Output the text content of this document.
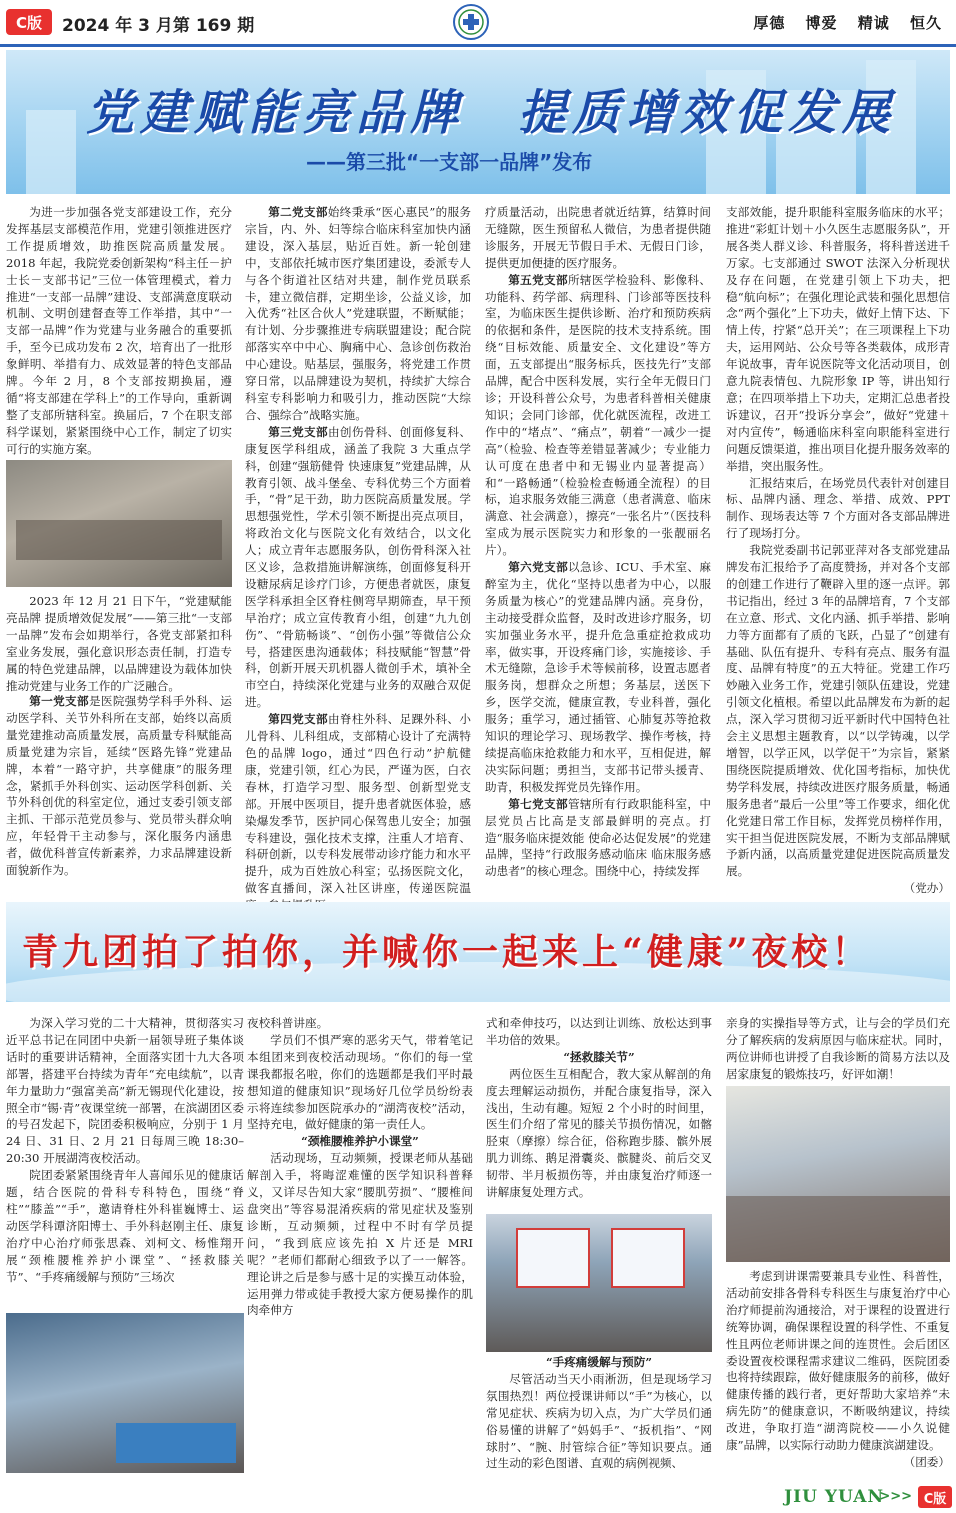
C版	2024 年 3 月第 169 期	厚德 博爱 精诚 恒久
党建赋能亮品牌　提质增效促发展
——第三批“一支部一品牌”发布

为进一步加强各党支部建设工作，充分发挥基层支部模范作用，党建引领推进医疗工作提质增效，助推医院高质量发展。2018 年起，我院党委创新架构“科主任－护士长－支部书记”三位一体管理模式，着力推进“一支部一品牌”建设、支部满意度联动机制、文明创建督查等工作举措，其中“一支部一品牌”作为党建与业务融合的重要抓手，至今已成功发布 2 次，培育出了一批形象鲜明、举措有力、成效显著的特色支部品牌。今年 2 月，8 个支部按期换届，遵循“将支部建在学科上”的工作导向，重新调整了支部所辖科室。换届后，7 个在职支部科学谋划，紧紧围绕中心工作，制定了切实可行的实施方案。

2023 年 12 月 21 日下午，“党建赋能亮品牌 提质增效促发展”——第三批“一支部一品牌”发布会如期举行，各党支部紧扣科室业务发展，强化意识形态责任制，打造专属的特色党建品牌，以品牌建设为载体加快推动党建与业务工作的广泛融合。

第一党支部是医院强势学科手外科、运动医学科、关节外科所在支部，始终以高质量党建推动高质量发展，高质量专科赋能高质量党建为宗旨，延续“医路先锋”党建品牌，本着“一路守护，共享健康”的服务理念，紧抓手外科创实、运动医学科创新、关节外科创优的科室定位，通过支委引领支部主抓、干部示范党员参与、党员带头群众响应，年轻骨干主动参与，深化服务内涵患者，做优科普宣传新素养，力求品牌建设新面貌新作为。

第二党支部始终秉承“医心惠民”的服务宗旨，内、外、妇等综合临床科室加快内涵建设，深入基层，贴近百姓。新一轮创建中，支部依托城市医疗集团建设，委派专人与各个街道社区结对共建，制作党员联系卡，建立微信群，定期坐诊，公益义诊，加入优秀“社区合伙人”党建联盟，不断赋能；有计划、分步骤推进专病联盟建设；配合院部落实卒中中心、胸痛中心、急诊创伤救治中心建设。贴基层，强服务，将党建工作贯穿日常，以品牌建设为契机，持续扩大综合科室专科影响力和吸引力，推动医院“大综合、强综合”战略实施。

第三党支部由创伤骨科、创面修复科、康复医学科组成，涵盖了我院 3 大重点学科，创建“强筋健骨 快速康复”党建品牌，从教育引领、战斗堡垒、专科优势三个方面着手，“骨”足干劲，助力医院高质量发展。学思想强党性，学术引领不断提出亮点项目，将政治文化与医院文化有效结合，以文化人；成立青年志愿服务队，创伤骨科深入社区义诊，急救措施讲解演练，创面修复科开设糖尿病足诊疗门诊，方便患者就医，康复医学科承担全区脊柱侧弯早期筛查，早干预早治疗；成立宣传教育小组，创建“九九创伤”、“骨筋畅谈”、“创伤小强”等微信公众号，搭建医患沟通载体；科技赋能“智慧”骨科，创新开展天玑机器人微创手术，填补全市空白，持续深化党建与业务的双融合双促进。

第四党支部由脊柱外科、足踝外科、小儿骨科、儿科组成，支部精心设计了充满特色的品牌 logo，通过“四色行动”护航健康，党建引领，红心为民，严谨为医，白衣春林，打造学习型、服务型、创新型党支部。开展中医项目，提升患者就医体验，感染爆发季节，医护同心保驾患儿安全；加强专科建设，强化技术支撑，注重人才培育、科研创新，以专科发展带动诊疗能力和水平提升，成为百姓放心科室；弘扬医院文化，做客直播间，深入社区讲座，传递医院温

疗质量活动，出院患者就近结算，结算时间无缝隙，医生预留私人微信，为患者提供随诊服务，开展无节假日手术、无假日门诊，提供更加便捷的医疗服务。

第五党支部所辖医学检验科、影像科、功能科、药学部、病理科、门诊部等医技科室，为临床医生提供诊断、治疗和预防疾病的依据和条件，是医院的技术支持系统。围绕“目标效能、质量安全、文化建设”等方面，五支部提出“服务标兵，医技先行”支部品牌，配合中医科发展，实行全年无假日门诊；开设科普公众号，为患者科普相关健康知识；会同门诊部，优化就医流程，改进工作中的“堵点”、“痛点”，朝着“一减少一提高”（检验、检查等差错显著减少；专业能力认可度在患者中和无锡业内显著提高）和“一路畅通”（检验检查畅通全流程）的目标，追求服务效能三满意（患者满意、临床满意、社会满意），擦亮“一张名片”（医技科室成为展示医院实力和形象的一张靓丽名片）。

第六党支部以急诊、ICU、手术室、麻醉室为主，优化“坚持以患者为中心，以服务质量为核心”的党建品牌内涵。亮身份，主动接受群众监督，及时改进诊疗服务，切实加强业务水平，提升危急重症抢救成功率，做实事，开设疼痛门诊，实施接诊、手术无缝隙，急诊手术等候前移，设置志愿者服务岗，想群众之所想；务基层，送医下乡，医学交流，健康宣教，专业科普，强化服务；重学习，通过插管、心肺复苏等抢救知识的理论学习、现场教学、操作考核，持续提高临床抢救能力和水平，互相促进，解决实际问题；勇担当，支部书记带头援青、助青，积极发挥党员先锋作用。

第七党支部管辖所有行政职能科室，中层党员占比高是支部最鲜明的亮点。打造“服务临床提效能 使命必达促发展”的党建品牌，坚持“行政服务感动临床 临床服务感动患者”的核心理念。围绕中心，持续发挥

支部效能，提升职能科室服务临床的水平；推进“彩虹计划＋小久医生志愿服务队”，开展各类人群义诊、科普服务，将科普送进千万家。七支部通过 SWOT 法深入分析现状及存在问题，在党建引领上下功夫，把稳“航向标”；在强化理论武装和强化思想信念“两个强化”上下功夫，做好上情下达、下情上传，拧紧“总开关”；在三项课程上下功夫，运用网站、公众号等各类载体，成形青年说故事，青年说医院等文化活动项目，创意九院表情包、九院形象 IP 等，讲出知行意；在四项举措上下功夫，定期汇总患者投诉建议，召开“投诉分享会”，做好“党建＋对内宣传”，畅通临床科室向职能科室进行问题反馈渠道，推出项目化提升服务效率的举措，突出服务性。

汇报结束后，在场党员代表针对创建目标、品牌内涵、理念、举措、成效、PPT 制作、现场表达等 7 个方面对各支部品牌进行了现场打分。

我院党委副书记郭亚萍对各支部党建品牌发布汇报给予了高度赞扬，并对各个支部的创建工作进行了鞭辟入里的逐一点评。郭书记指出，经过 3 年的品牌培育，7 个支部在立意、形式、文化内涵、抓手举措、影响力等方面都有了质的飞跃，凸显了“创建有基础、队伍有提升、专科有亮点、服务有温度、品牌有特度”的五大特征。党建工作巧妙融入业务工作，党建引领队伍建设，党建引领文化植根。希望以此品牌发布为新的起点，深入学习贯彻习近平新时代中国特色社会主义思想主题教育，以“以学铸魂，以学增智，以学正风，以学促干”为宗旨，紧紧围绕医院提质增效、优化国考指标，加快优势学科发展，持续改进医疗服务质量，畅通服务患者“最后一公里”等工作要求，细化优化党建日常工作目标，发挥党员榜样作用，实干担当促进医院发展，不断为支部品牌赋予新内涵，以高质量党建促进医院高质量发展。

（党办）

青九团拍了拍你，并喊你一起来上“健康”夜校！

为深入学习党的二十大精神，贯彻落实习近平总书记在同团中央新一届领导班子集体谈话时的重要讲话精神，全面落实团十九大各项部署，搭建平台持续为青年“充电续航”，以青年力量助力“强富美高”新无锡现代化建设，按照全市“锡·青”夜课堂统一部署，在滨湖团区委的号召发起下，院团委积极响应，分别于 1 月 24 日、31 日、2 月 21 日每周三晚 18:30–20:30 开展湖湾夜校活动。

院团委紧紧围绕青年人喜闻乐见的健康话题，结合医院的骨科专科特色，围绕“脊柱”“膝盖”“手”，邀请脊柱外科崔巍博士、运动医学科谭济阳博士、手外科赵刚主任、康复治疗中心治疗师张思森、刘柯文、杨惟翔开展“颈椎腰椎养护小课堂”、“拯救膝关节”、“手疼痛缓解与预防”三场次

夜校科普讲座。

学员们不惧严寒的恶劣天气，带着笔记本组团来到夜校活动现场。“你们的每一堂课我都报名啦，你们的选题都是我们平时最想知道的健康知识”现场好几位学员纷纷表示将连续参加医院承办的“湖湾夜校”活动，坚持充电，做好健康的第一责任人。

“颈椎腰椎养护小课堂”

活动现场，互动频频，授课老师从基础解剖入手，将晦涩难懂的医学知识科普释义，又详尽告知大家“腰肌劳损”、“腰椎间盘突出”等容易混淆疾病的常见症状及鉴别诊断，互动频频，过程中不时有学员提问，“我到底应该先拍 X 片还是 MRI 呢？”老师们都耐心细致予以了一一解答。理论讲之后是参与感十足的实操互动体验，运用弹力带或徒手教授大家方便易操作的肌肉牵伸方

式和牵伸技巧，以达到让训练、放松达到事半功倍的效果。

“拯救膝关节”

两位医生互相配合，教大家从解剖的角度去理解运动损伤，并配合康复指导，深入浅出，生动有趣。短短 2 个小时的时间里，医生们介绍了常见的膝关节损伤情况，如髂胫束（摩擦）综合征，俗称跑步膝、髌外展肌力训练、鹅足滑囊炎、髌腱炎、前后交叉韧带、半月板损伤等，并由康复治疗师逐一讲解康复处理方式。

“手疼痛缓解与预防”

尽管活动当天小雨淅沥，但是现场学习氛围热烈！两位授课讲师以“手”为核心，以常见症状、疾病为切入点，为广大学员们通俗易懂的讲解了“妈妈手”、“扳机指”、“网球肘”、“腕、肘管综合征”等知识要点。通过生动的彩色图谱、直观的病例视频、

亲身的实操指导等方式，让与会的学员们充分了解疾病的发病原因与临床症状。同时，两位讲师也讲授了自我诊断的简易方法以及居家康复的锻炼技巧，好评如潮！

考虑到讲课需要兼具专业性、科普性，活动前安排各骨科专科医生与康复治疗中心治疗师提前沟通接洽，对于课程的设置进行统筹协调，确保课程设置的科学性、不重复性且两位老师讲课之间的连贯性。会后团区委设置夜校课程需求建议二维码，医院团委也将持续跟踪，做好健康服务的前移，做好健康传播的践行者，更好帮助大家培养“未病先防”的健康意识，不断吸纳建议，持续改进，争取打造“湖湾院校——小久说健康”品牌，以实际行动助力健康滨湖建设。

（团委）

JIU YUAN
>>> C版
